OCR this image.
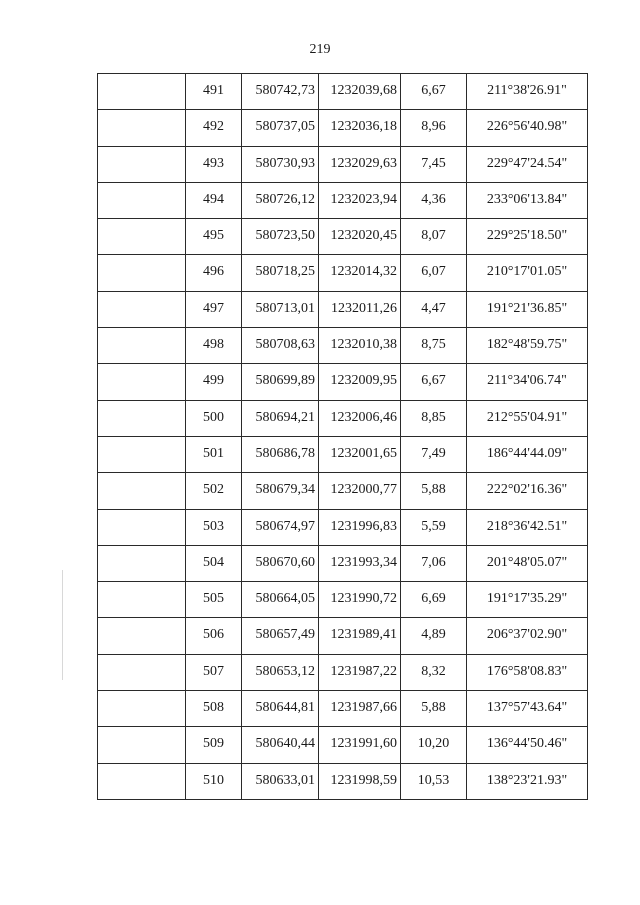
219
	491	580742,73	1232039,68	6,67	211°38'26.91"
	492	580737,05	1232036,18	8,96	226°56'40.98"
	493	580730,93	1232029,63	7,45	229°47'24.54"
	494	580726,12	1232023,94	4,36	233°06'13.84"
	495	580723,50	1232020,45	8,07	229°25'18.50"
	496	580718,25	1232014,32	6,07	210°17'01.05"
	497	580713,01	1232011,26	4,47	191°21'36.85"
	498	580708,63	1232010,38	8,75	182°48'59.75"
	499	580699,89	1232009,95	6,67	211°34'06.74"
	500	580694,21	1232006,46	8,85	212°55'04.91"
	501	580686,78	1232001,65	7,49	186°44'44.09"
	502	580679,34	1232000,77	5,88	222°02'16.36"
	503	580674,97	1231996,83	5,59	218°36'42.51"
	504	580670,60	1231993,34	7,06	201°48'05.07"
	505	580664,05	1231990,72	6,69	191°17'35.29"
	506	580657,49	1231989,41	4,89	206°37'02.90"
	507	580653,12	1231987,22	8,32	176°58'08.83"
	508	580644,81	1231987,66	5,88	137°57'43.64"
	509	580640,44	1231991,60	10,20	136°44'50.46"
	510	580633,01	1231998,59	10,53	138°23'21.93"
